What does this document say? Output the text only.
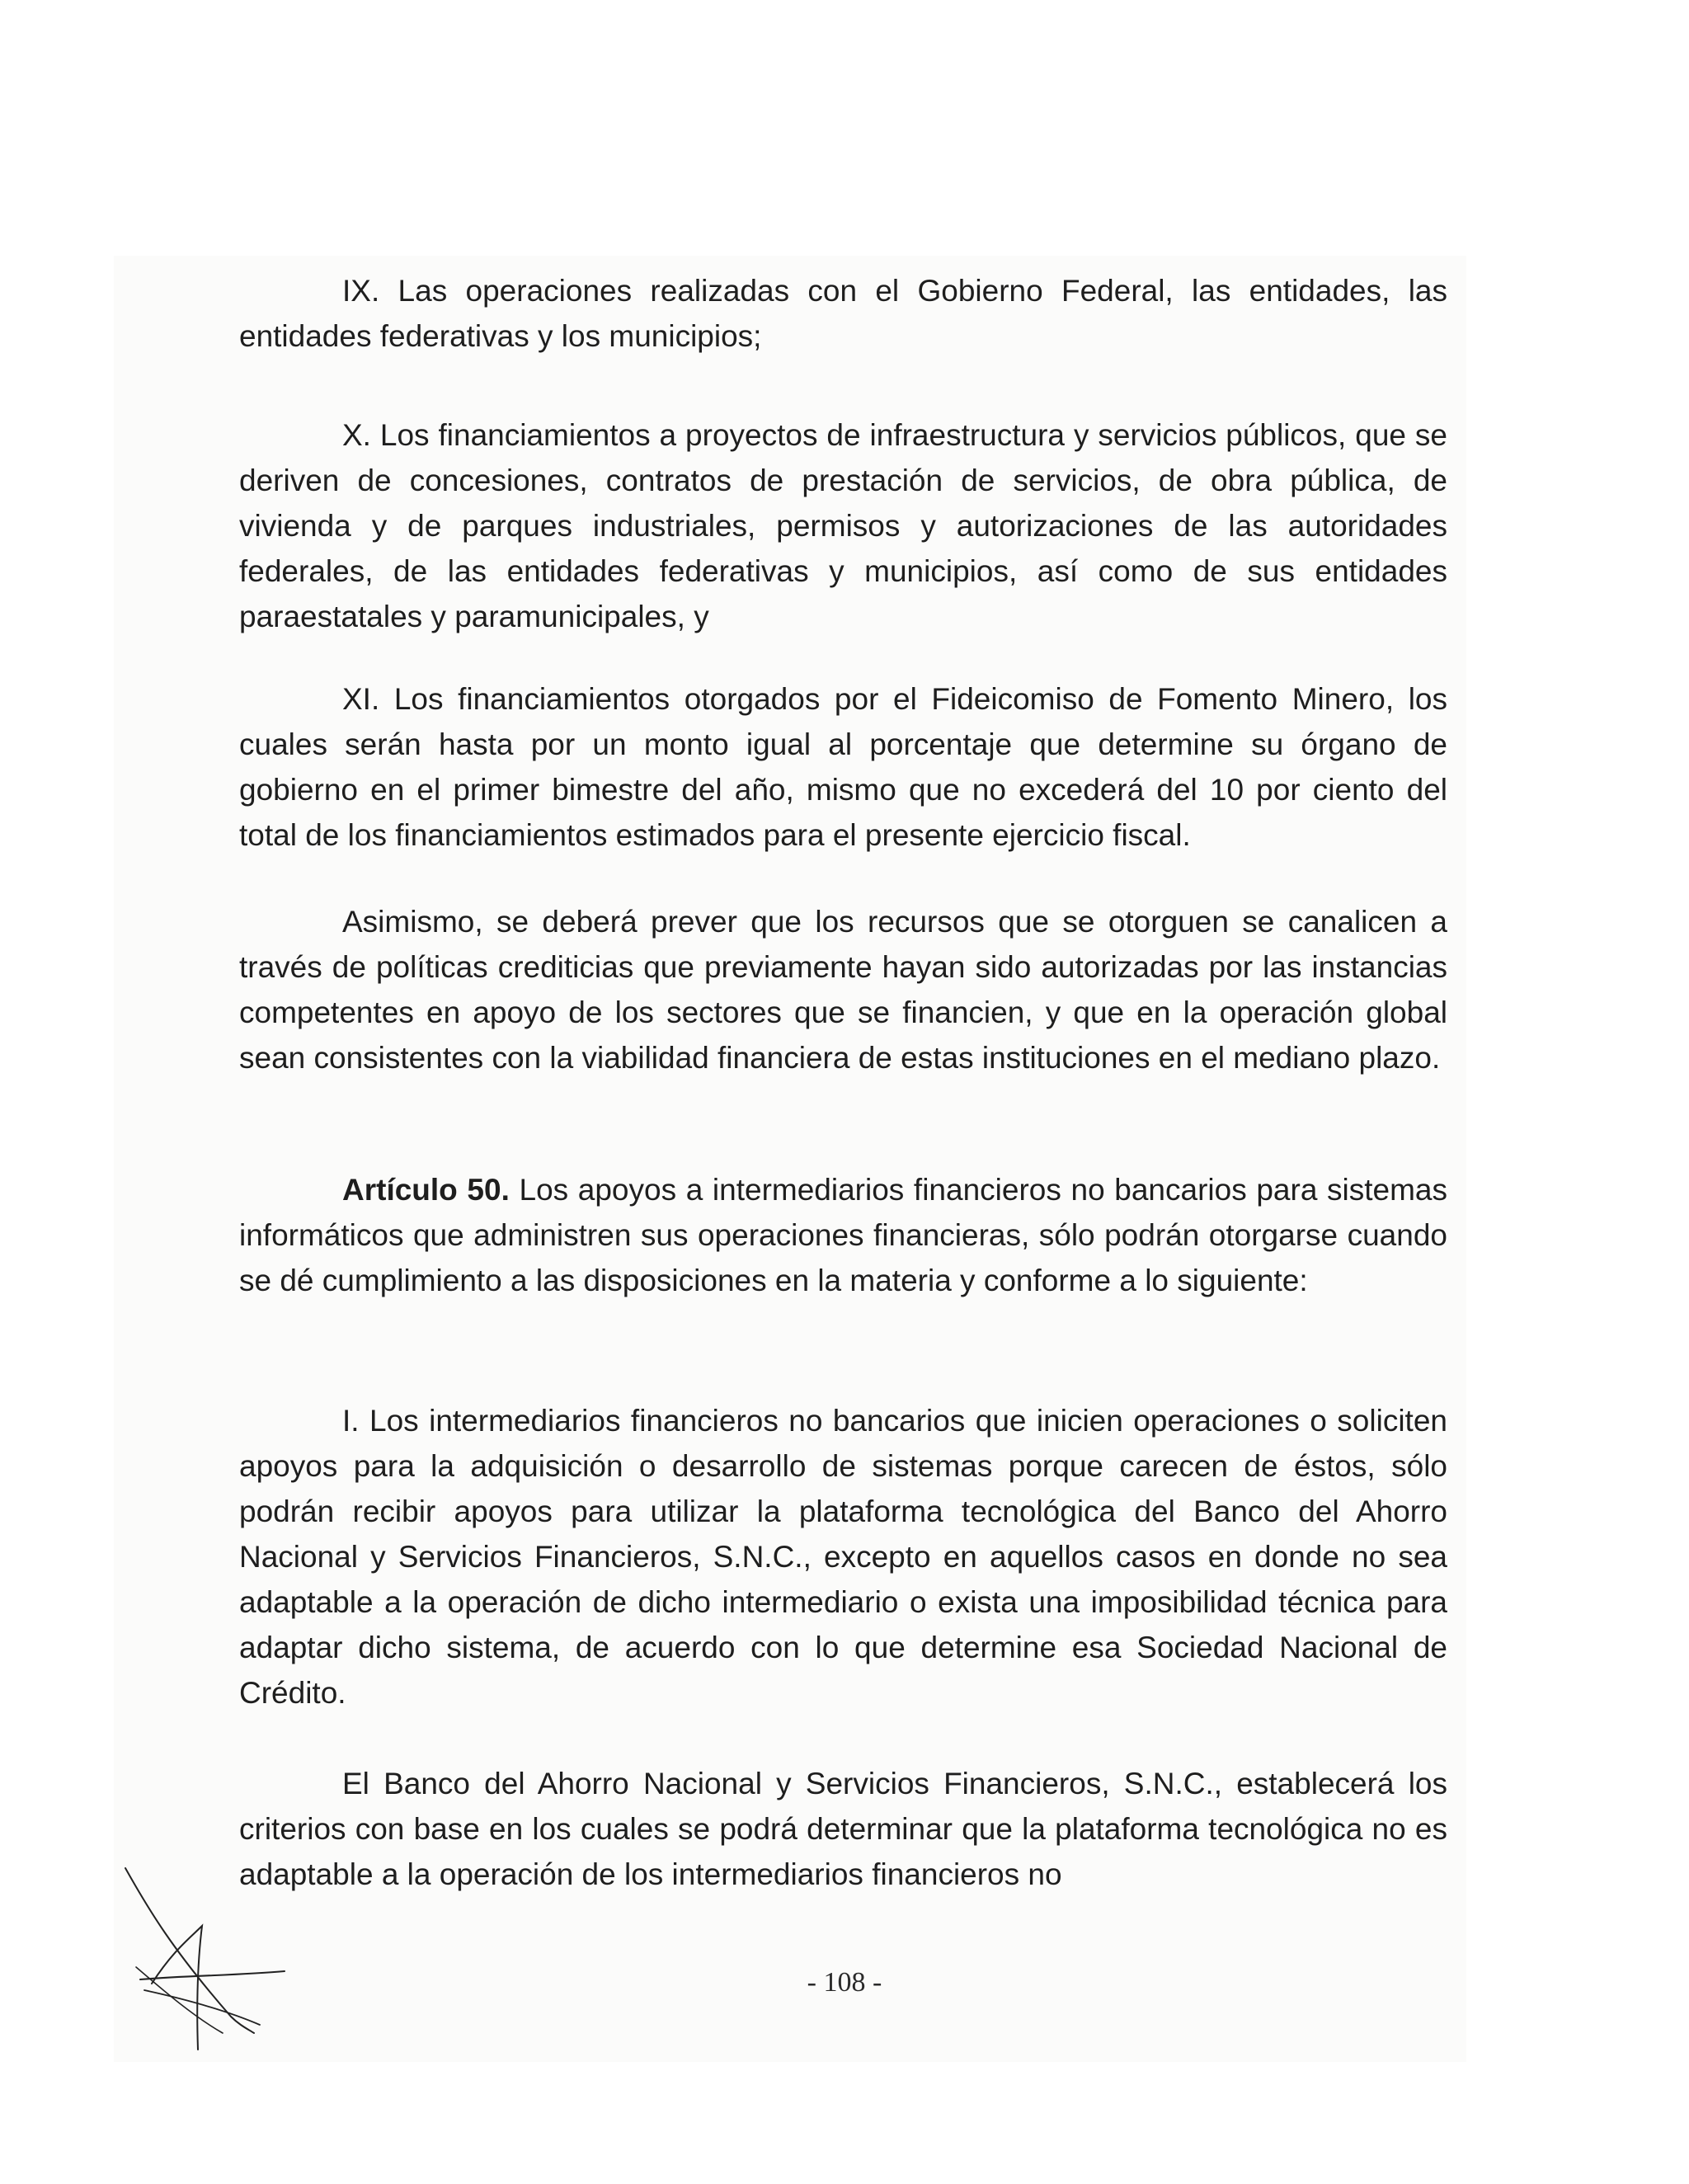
IX. Las operaciones realizadas con el Gobierno Federal, las entidades, las entidades federativas y los municipios;

X. Los financiamientos a proyectos de infraestructura y servicios públicos, que se deriven de concesiones, contratos de prestación de servicios, de obra pública, de vivienda y de parques industriales, permisos y autorizaciones de las autoridades federales, de las entidades federativas y municipios, así como de sus entidades paraestatales y paramunicipales, y

XI. Los financiamientos otorgados por el Fideicomiso de Fomento Minero, los cuales serán hasta por un monto igual al porcentaje que determine su órgano de gobierno en el primer bimestre del año, mismo que no excederá del 10 por ciento del total de los financiamientos estimados para el presente ejercicio fiscal.

Asimismo, se deberá prever que los recursos que se otorguen se canalicen a través de políticas crediticias que previamente hayan sido autorizadas por las instancias competentes en apoyo de los sectores que se financien, y que en la operación global sean consistentes con la viabilidad financiera de estas instituciones en el mediano plazo.

Artículo 50. Los apoyos a intermediarios financieros no bancarios para sistemas informáticos que administren sus operaciones financieras, sólo podrán otorgarse cuando se dé cumplimiento a las disposiciones en la materia y conforme a lo siguiente:

I. Los intermediarios financieros no bancarios que inicien operaciones o soliciten apoyos para la adquisición o desarrollo de sistemas porque carecen de éstos, sólo podrán recibir apoyos para utilizar la plataforma tecnológica del Banco del Ahorro Nacional y Servicios Financieros, S.N.C., excepto en aquellos casos en donde no sea adaptable a la operación de dicho intermediario o exista una imposibilidad técnica para adaptar dicho sistema, de acuerdo con lo que determine esa Sociedad Nacional de Crédito.

El Banco del Ahorro Nacional y Servicios Financieros, S.N.C., establecerá los criterios con base en los cuales se podrá determinar que la plataforma tecnológica no es adaptable a la operación de los intermediarios financieros no

- 108 -
